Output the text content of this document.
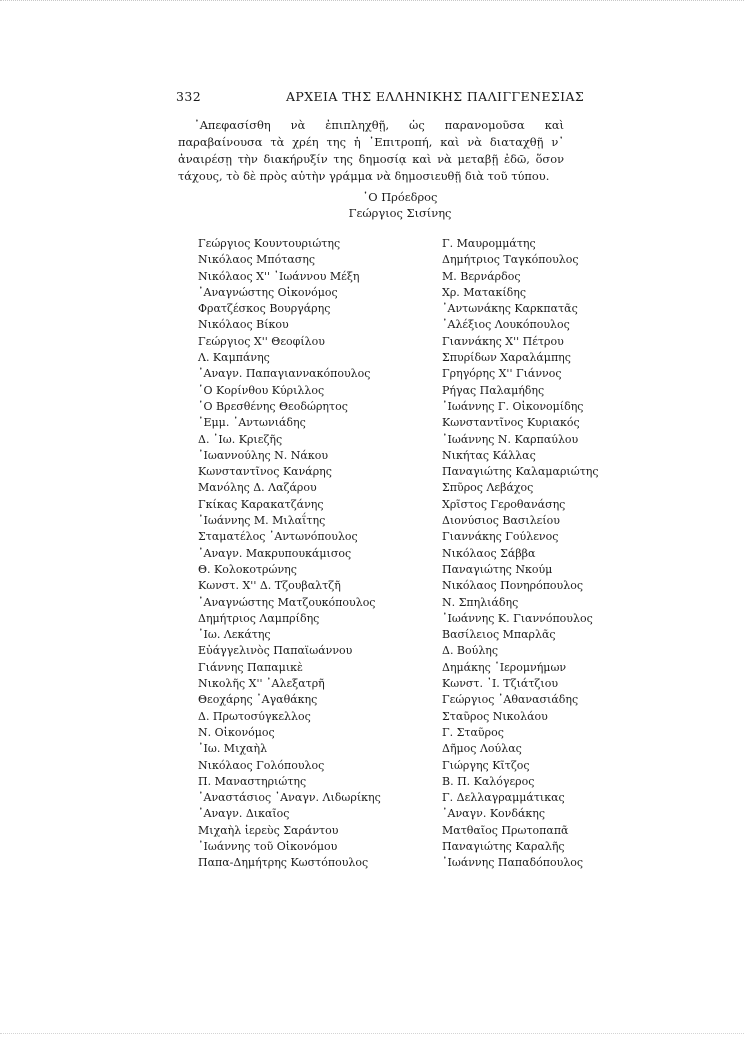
332	ΑΡΧΕΙΑ ΤΗΣ ΕΛΛΗΝΙΚΗΣ ΠΑΛΙΓΓΕΝΕΣΙΑΣ

᾿Απεφασίσθη νὰ ἐπιπληχθῇ, ὡς παρανομοῦσα καὶ παραβαίνουσα τὰ χρέη της ἡ ᾿Επιτροπή, καὶ νὰ διαταχθῇ ν᾿ ἀναιρέσῃ τὴν διακήρυξίν της δημοσίᾳ καὶ νὰ μεταβῇ ἐδῶ, ὅσον τάχους, τὸ δὲ πρὸς αὐτὴν γράμμα νὰ δημοσιευθῇ διὰ τοῦ τύπου.

῾Ο Πρόεδρος
Γεώργιος Σισίνης
Γεώργιος Κουντουριώτης
Νικόλαος Μπότασης
Νικόλαος Χ'' ᾿Ιωάννου Μέξη
᾿Αναγνώστης Οἰκονόμος
Φρατζέσκος Βουργάρης
Νικόλαος Βίκου
Γεώργιος Χ'' Θεοφίλου
Λ. Καμπάνης
᾿Αναγν. Παπαγιαννακόπουλος
῾Ο Κορίνθου Κύριλλος
῾Ο Βρεσθένης Θεοδώρητος
᾿Εμμ. ᾿Αντωνιάδης
Δ. ᾿Ιω. Κριεζῆς
᾿Ιωαννούλης Ν. Νάκου
Κωνσταντῖνος Κανάρης
Μανόλης Δ. Λαζάρου
Γκίκας Καρακατζάνης
᾿Ιωάννης Μ. Μιλαΐτης
Σταματέλος ᾿Αντωνόπουλος
᾿Αναγν. Μακρυπουκάμισος
Θ. Κολοκοτρώνης
Κωνστ. Χ'' Δ. Τζουβαλτζῆ
᾿Αναγνώστης Ματζουκόπουλος
Δημήτριος Λαμπρίδης
᾿Ιω. Λεκάτης
Εὐάγγελινὸς Παπαϊωάννου
Γιάννης Παπαμικὲ
Νικολῆς Χ'' ᾿Αλεξατρῆ
Θεοχάρης ᾿Αγαθάκης
Δ. Πρωτοσύγκελλος
Ν. Οἰκονόμος
᾿Ιω. Μιχαὴλ
Νικόλαος Γολόπουλος
Π. Μαναστηριώτης
᾿Αναστάσιος ᾿Αναγν. Λιδωρίκης
᾿Αναγν. Δικαῖος
Μιχαὴλ ἱερεὺς Σαράντου
᾿Ιωάννης τοῦ Οἰκονόμου
Παπα-Δημήτρης Κωστόπουλος
Γ. Μαυρομμάτης
Δημήτριος Ταγκόπουλος
Μ. Βερνάρδος
Χρ. Ματακίδης
᾿Αντωνάκης Καρκπατᾶς
᾿Αλέξιος Λουκόπουλος
Γιαννάκης Χ'' Πέτρου
Σπυρίδων Χαραλάμπης
Γρηγόρης Χ'' Γιάννος
Ρήγας Παλαμήδης
᾿Ιωάννης Γ. Οἰκονομίδης
Κωνσταντῖνος Κυριακός
᾿Ιωάννης Ν. Καρπαύλου
Νικήτας Κάλλας
Παναγιώτης Καλαμαριώτης
Σπῦρος Λεβάχος
Χρῖστος Γεροθανάσης
Διονύσιος Βασιλείου
Γιαννάκης Γούλενος
Νικόλαος Σάββα
Παναγιώτης Νκούμ
Νικόλαος Πονηρόπουλος
Ν. Σπηλιάδης
᾿Ιωάννης Κ. Γιαννόπουλος
Βασίλειος Μπαρλᾶς
Δ. Βούλης
Δημάκης ῾Ιερομνήμων
Κωνστ. ᾿Ι. Τζιάτζιου
Γεώργιος ᾿Αθανασιάδης
Σταῦρος Νικολάου
Γ. Σταῦρος
Δῆμος Λούλας
Γιώργης Κῖτζος
Β. Π. Καλόγερος
Γ. Δελλαγραμμάτικας
᾿Αναγν. Κονδάκης
Ματθαῖος Πρωτοπαπᾶ
Παναγιώτης Καραλῆς
᾿Ιωάννης Παπαδόπουλος
